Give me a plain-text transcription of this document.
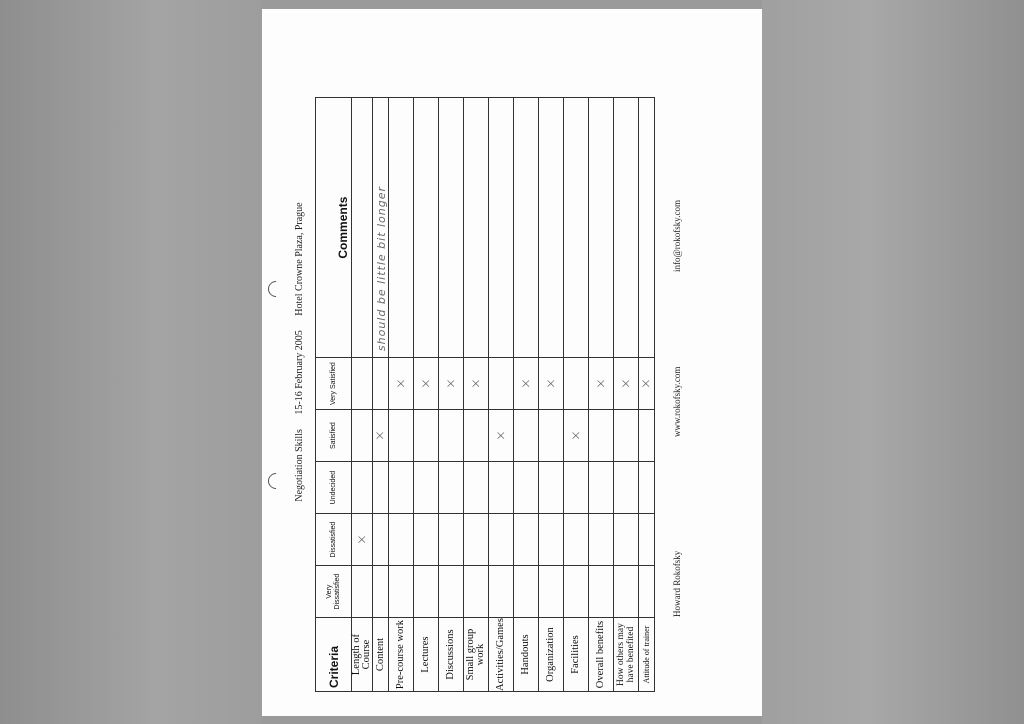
Negotiation Skills 15-16 February 2005 Hotel Crowne Plaza, Prague
Criteria	Very Dissatisfied	Dissatisfied	Undecided	Satisfied	Very Satisfied	Comments
Length of Course		×				
Content				×		should be little bit longer
Pre-course work					×	
Lectures					×	
Discussions					×	
Small group work					×	
Activities/Games				×		
Handouts					×	
Organization					×	
Facilities				×		
Overall benefits					×	
How others may have benefited					×	
Attitude of trainer					×	
Howard Rokofsky
www.rokofsky.com
info@rokofsky.com
